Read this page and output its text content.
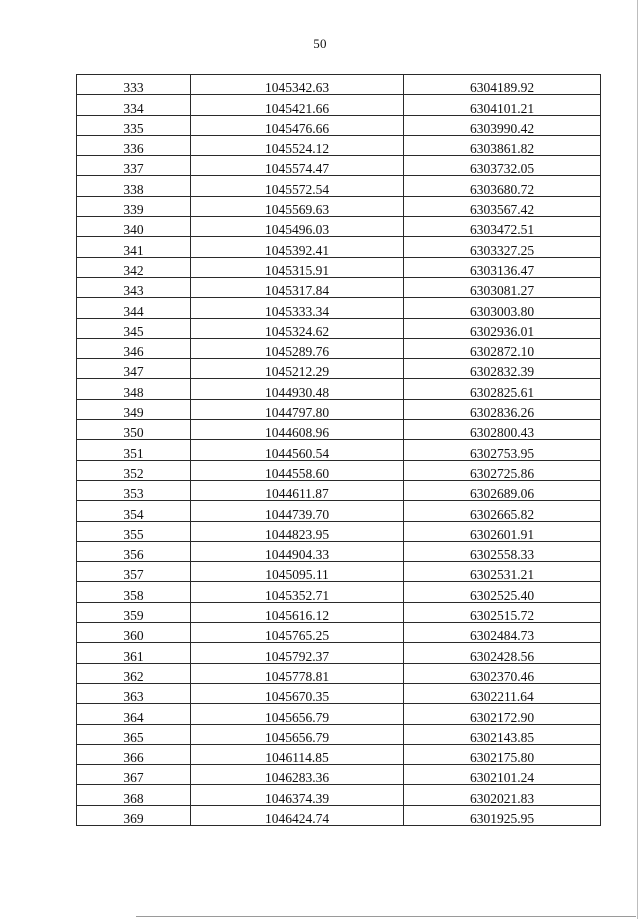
50
333	1045342.63	6304189.92
334	1045421.66	6304101.21
335	1045476.66	6303990.42
336	1045524.12	6303861.82
337	1045574.47	6303732.05
338	1045572.54	6303680.72
339	1045569.63	6303567.42
340	1045496.03	6303472.51
341	1045392.41	6303327.25
342	1045315.91	6303136.47
343	1045317.84	6303081.27
344	1045333.34	6303003.80
345	1045324.62	6302936.01
346	1045289.76	6302872.10
347	1045212.29	6302832.39
348	1044930.48	6302825.61
349	1044797.80	6302836.26
350	1044608.96	6302800.43
351	1044560.54	6302753.95
352	1044558.60	6302725.86
353	1044611.87	6302689.06
354	1044739.70	6302665.82
355	1044823.95	6302601.91
356	1044904.33	6302558.33
357	1045095.11	6302531.21
358	1045352.71	6302525.40
359	1045616.12	6302515.72
360	1045765.25	6302484.73
361	1045792.37	6302428.56
362	1045778.81	6302370.46
363	1045670.35	6302211.64
364	1045656.79	6302172.90
365	1045656.79	6302143.85
366	1046114.85	6302175.80
367	1046283.36	6302101.24
368	1046374.39	6302021.83
369	1046424.74	6301925.95
